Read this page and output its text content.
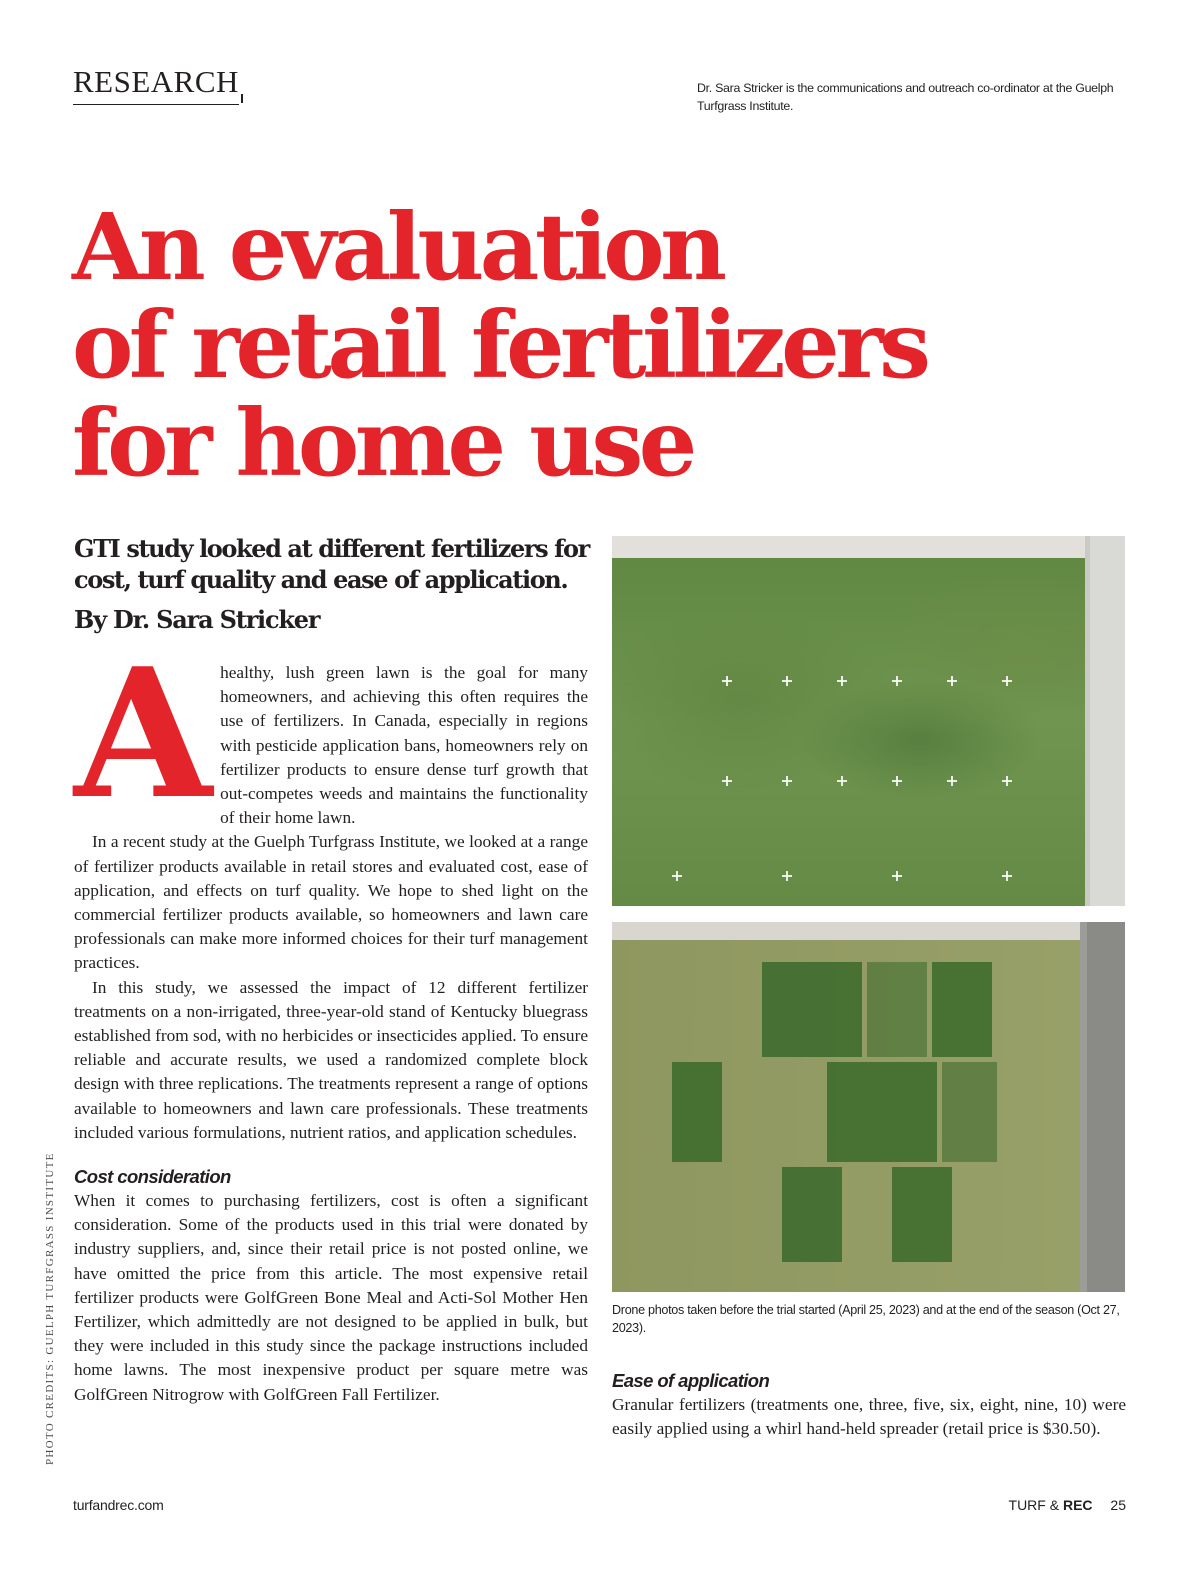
RESEARCH	Dr. Sara Stricker is the communications and outreach co-ordinator at the Guelph Turfgrass Institute.
An evaluation
of retail fertilizers
for home use
GTI study looked at different fertilizers for cost, turf quality and ease of application.
By Dr. Sara Stricker
A healthy, lush green lawn is the goal for many homeowners, and achieving this often requires the use of fertilizers. In Canada, especially in regions with pesticide application bans, homeowners rely on fertilizer products to ensure dense turf growth that out-competes weeds and maintains the functionality of their home lawn.

In a recent study at the Guelph Turfgrass Institute, we looked at a range of fertilizer products available in retail stores and evaluated cost, ease of application, and effects on turf quality. We hope to shed light on the commercial fertilizer products available, so homeowners and lawn care professionals can make more informed choices for their turf management practices.

In this study, we assessed the impact of 12 different fertilizer treatments on a non-irrigated, three-year-old stand of Kentucky bluegrass established from sod, with no herbicides or insecticides applied. To ensure reliable and accurate results, we used a randomized complete block design with three replications. The treatments represent a range of options available to homeowners and lawn care professionals. These treatments included various formulations, nutrient ratios, and application schedules.

Cost consideration

When it comes to purchasing fertilizers, cost is often a significant consideration. Some of the products used in this trial were donated by industry suppliers, and, since their retail price is not posted online, we have omitted the price from this article. The most expensive retail fertilizer products were GolfGreen Bone Meal and Acti-Sol Mother Hen Fertilizer, which admittedly are not designed to be applied in bulk, but they were included in this study since the package instructions included home lawns. The most inexpensive product per square metre was GolfGreen Nitrogrow with GolfGreen Fall Fertilizer.

Drone photos taken before the trial started (April 25, 2023) and at the end of the season (Oct 27, 2023).
Ease of application

Granular fertilizers (treatments one, three, five, six, eight, nine, 10) were easily applied using a whirl hand-held spreader (retail price is $30.50).

PHOTO CREDITS: GUELPH TURFGRASS INSTITUTE
turfandrec.com	TURF & REC 25
